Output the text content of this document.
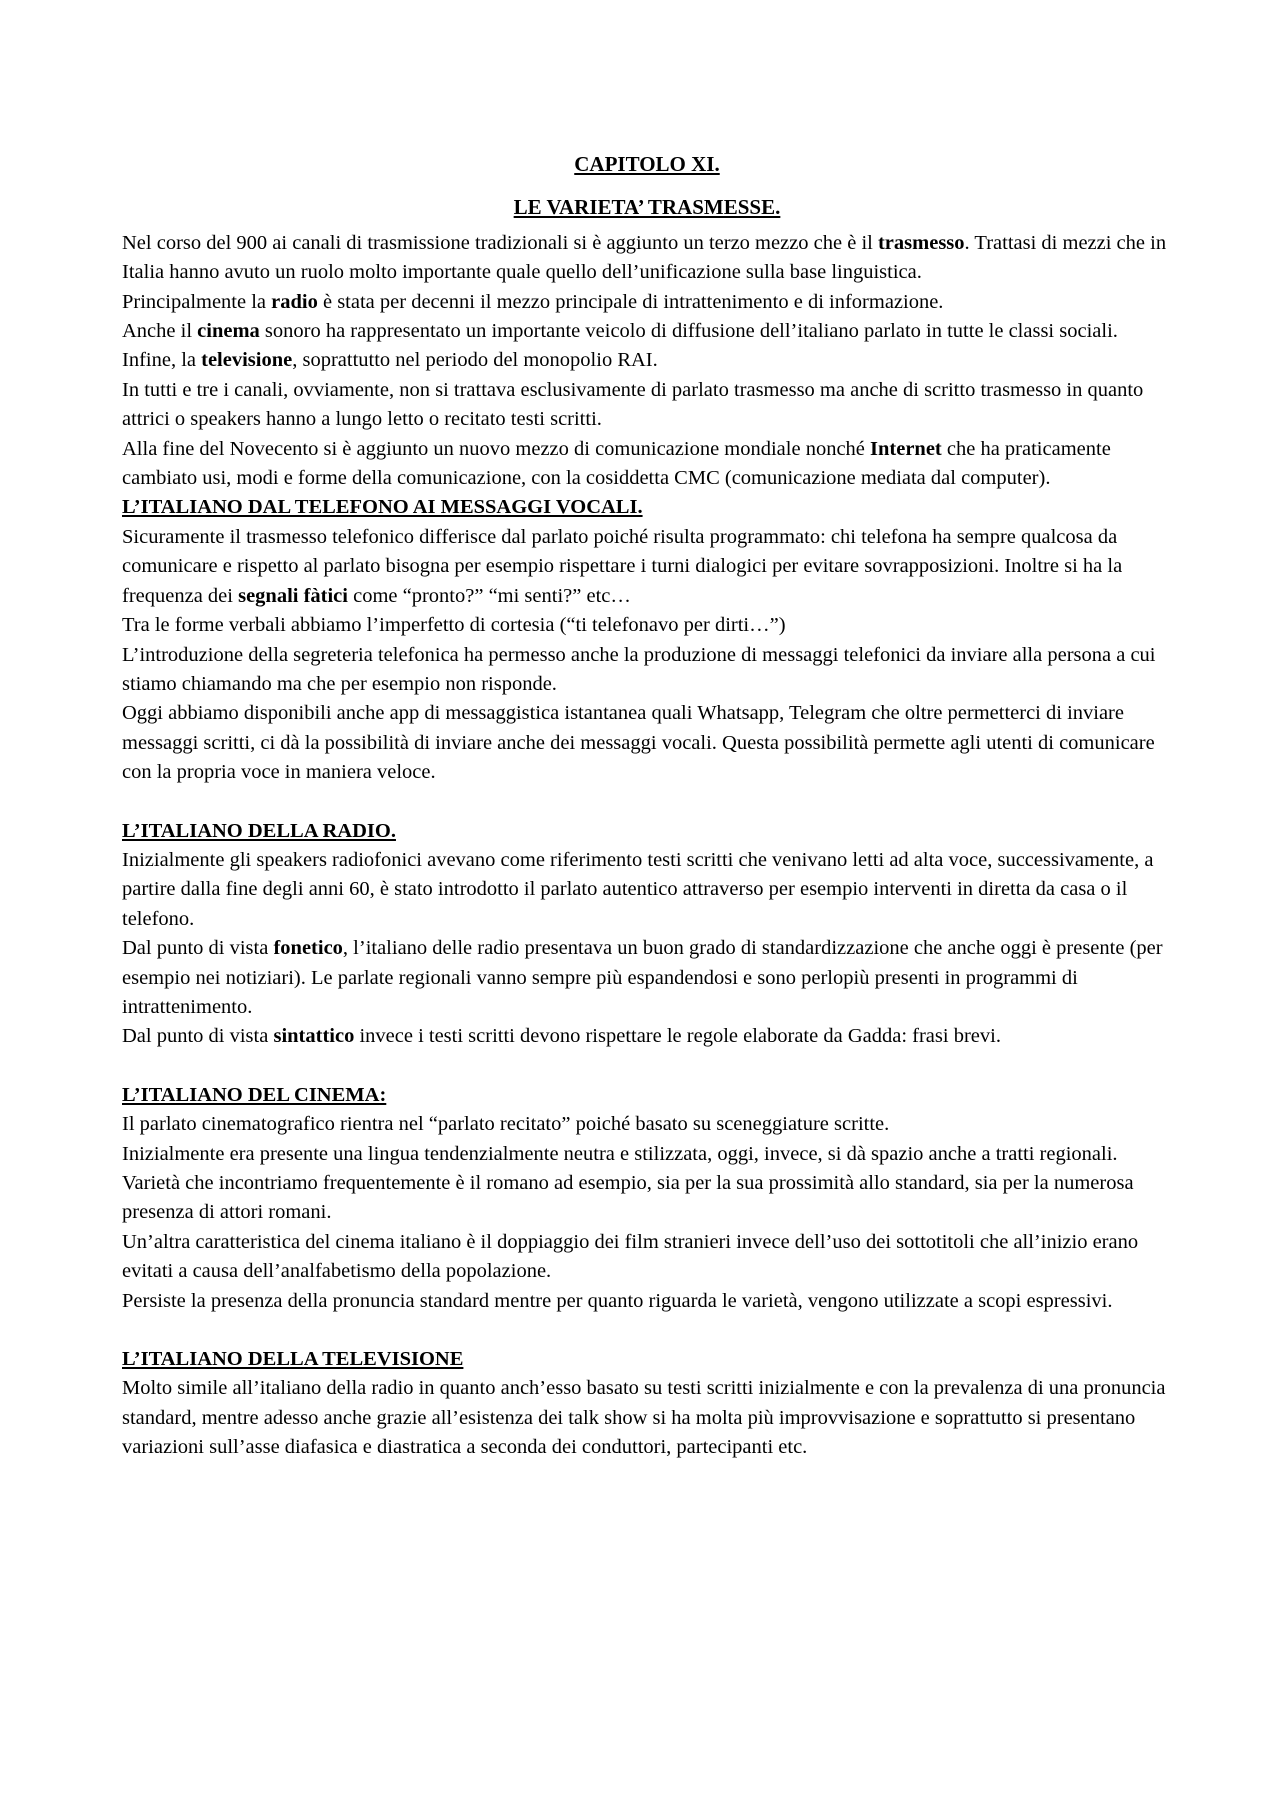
CAPITOLO XI.
LE VARIETA’ TRASMESSE.

Nel corso del 900 ai canali di trasmissione tradizionali si è aggiunto un terzo mezzo che è il trasmesso. Trattasi di mezzi che in Italia hanno avuto un ruolo molto importante quale quello dell’unificazione sulla base linguistica.

Principalmente la radio è stata per decenni il mezzo principale di intrattenimento e di informazione.

Anche il cinema sonoro ha rappresentato un importante veicolo di diffusione dell’italiano parlato in tutte le classi sociali.

Infine, la televisione, soprattutto nel periodo del monopolio RAI.

In tutti e tre i canali, ovviamente, non si trattava esclusivamente di parlato trasmesso ma anche di scritto trasmesso in quanto attrici o speakers hanno a lungo letto o recitato testi scritti.

Alla fine del Novecento si è aggiunto un nuovo mezzo di comunicazione mondiale nonché Internet che ha praticamente cambiato usi, modi e forme della comunicazione, con la cosiddetta CMC (comunicazione mediata dal computer).

L’ITALIANO DAL TELEFONO AI MESSAGGI VOCALI.

Sicuramente il trasmesso telefonico differisce dal parlato poiché risulta programmato: chi telefona ha sempre qualcosa da comunicare e rispetto al parlato bisogna per esempio rispettare i turni dialogici per evitare sovrapposizioni. Inoltre si ha la frequenza dei segnali fàtici come “pronto?” “mi senti?” etc…

Tra le forme verbali abbiamo l’imperfetto di cortesia (“ti telefonavo per dirti…”)

L’introduzione della segreteria telefonica ha permesso anche la produzione di messaggi telefonici da inviare alla persona a cui stiamo chiamando ma che per esempio non risponde.

Oggi abbiamo disponibili anche app di messaggistica istantanea quali Whatsapp, Telegram che oltre permetterci di inviare messaggi scritti, ci dà la possibilità di inviare anche dei messaggi vocali. Questa possibilità permette agli utenti di comunicare con la propria voce in maniera veloce.

L’ITALIANO DELLA RADIO.

Inizialmente gli speakers radiofonici avevano come riferimento testi scritti che venivano letti ad alta voce, successivamente, a partire dalla fine degli anni 60, è stato introdotto il parlato autentico attraverso per esempio interventi in diretta da casa o il telefono.

Dal punto di vista fonetico, l’italiano delle radio presentava un buon grado di standardizzazione che anche oggi è presente (per esempio nei notiziari). Le parlate regionali vanno sempre più espandendosi e sono perlopiù presenti in programmi di intrattenimento.

Dal punto di vista sintattico invece i testi scritti devono rispettare le regole elaborate da Gadda: frasi brevi.

L’ITALIANO DEL CINEMA:

Il parlato cinematografico rientra nel “parlato recitato” poiché basato su sceneggiature scritte.

Inizialmente era presente una lingua tendenzialmente neutra e stilizzata, oggi, invece, si dà spazio anche a tratti regionali. Varietà che incontriamo frequentemente è il romano ad esempio, sia per la sua prossimità allo standard, sia per la numerosa presenza di attori romani.

Un’altra caratteristica del cinema italiano è il doppiaggio dei film stranieri invece dell’uso dei sottotitoli che all’inizio erano evitati a causa dell’analfabetismo della popolazione.

Persiste la presenza della pronuncia standard mentre per quanto riguarda le varietà, vengono utilizzate a scopi espressivi.

L’ITALIANO DELLA TELEVISIONE

Molto simile all’italiano della radio in quanto anch’esso basato su testi scritti inizialmente e con la prevalenza di una pronuncia standard, mentre adesso anche grazie all’esistenza dei talk show si ha molta più improvvisazione e soprattutto si presentano variazioni sull’asse diafasica e diastratica a seconda dei conduttori, partecipanti etc.
